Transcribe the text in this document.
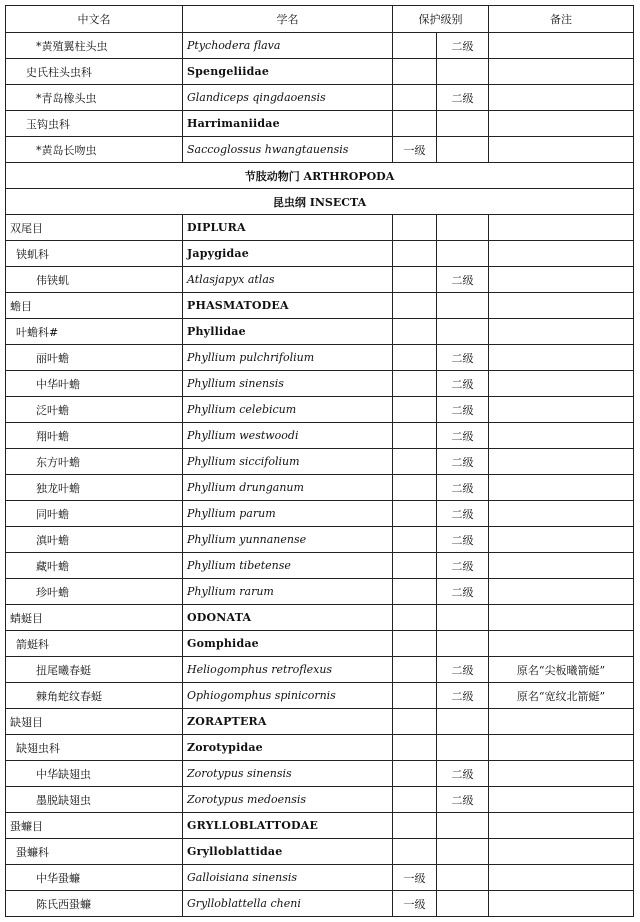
中文名	学名	保护级别		备注
*黄殖翼柱头虫	Ptychodera flava		二级	
史氏柱头虫科	Spengeliidae			
*青岛橡头虫	Glandiceps qingdaoensis		二级	
玉钩虫科	Harrimaniidae			
*黄岛长吻虫	Saccoglossus hwangtauensis	一级		
节肢动物门 ARTHROPODA				
昆虫纲 INSECTA				
双尾目	DIPLURA			
铗虮科	Japygidae			
伟铗虮	Atlasjapyx atlas		二级	
蟾目	PHASMATODEA			
叶蟾科#	Phyllidae			
丽叶蟾	Phyllium pulchrifolium		二级	
中华叶蟾	Phyllium sinensis		二级	
泛叶蟾	Phyllium celebicum		二级	
翔叶蟾	Phyllium westwoodi		二级	
东方叶蟾	Phyllium siccifolium		二级	
独龙叶蟾	Phyllium drunganum		二级	
同叶蟾	Phyllium parum		二级	
滇叶蟾	Phyllium yunnanense		二级	
藏叶蟾	Phyllium tibetense		二级	
珍叶蟾	Phyllium rarum		二级	
蜻蜓目	ODONATA			
箭蜓科	Gomphidae			
扭尾曦春蜓	Heliogomphus retroflexus		二级	原名“尖板曦箭蜓”
棘角蛇纹春蜓	Ophiogomphus spinicornis		二级	原名“宽纹北箭蜓”
缺翅目	ZORAPTERA			
缺翅虫科	Zorotypidae			
中华缺翅虫	Zorotypus sinensis		二级	
墨脱缺翅虫	Zorotypus medoensis		二级	
蛩蠊目	GRYLLOBLATTODAE			
蛩蠊科	Grylloblattidae			
中华蛩蠊	Galloisiana sinensis	一级		
陈氏西蛩蠊	Grylloblattella cheni	一级		
